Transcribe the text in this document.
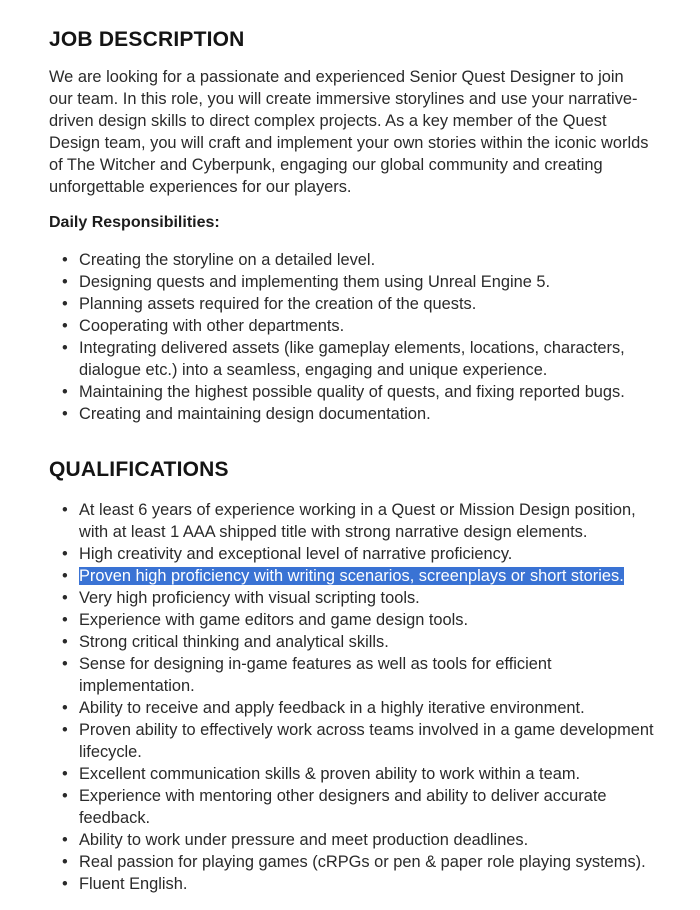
JOB DESCRIPTION

We are looking for a passionate and experienced Senior Quest Designer to join our team. In this role, you will create immersive storylines and use your narrative-driven design skills to direct complex projects. As a key member of the Quest Design team, you will craft and implement your own stories within the iconic worlds of The Witcher and Cyberpunk, engaging our global community and creating unforgettable experiences for our players.

Daily Responsibilities:

• Creating the storyline on a detailed level.
• Designing quests and implementing them using Unreal Engine 5.
• Planning assets required for the creation of the quests.
• Cooperating with other departments.
• Integrating delivered assets (like gameplay elements, locations, characters, dialogue etc.) into a seamless, engaging and unique experience.
• Maintaining the highest possible quality of quests, and fixing reported bugs.
• Creating and maintaining design documentation.
QUALIFICATIONS
• At least 6 years of experience working in a Quest or Mission Design position, with at least 1 AAA shipped title with strong narrative design elements.
• High creativity and exceptional level of narrative proficiency.
• Proven high proficiency with writing scenarios, screenplays or short stories.
• Very high proficiency with visual scripting tools.
• Experience with game editors and game design tools.
• Strong critical thinking and analytical skills.
• Sense for designing in-game features as well as tools for efficient implementation.
• Ability to receive and apply feedback in a highly iterative environment.
• Proven ability to effectively work across teams involved in a game development lifecycle.
• Excellent communication skills & proven ability to work within a team.
• Experience with mentoring other designers and ability to deliver accurate feedback.
• Ability to work under pressure and meet production deadlines.
• Real passion for playing games (cRPGs or pen & paper role playing systems).
• Fluent English.
